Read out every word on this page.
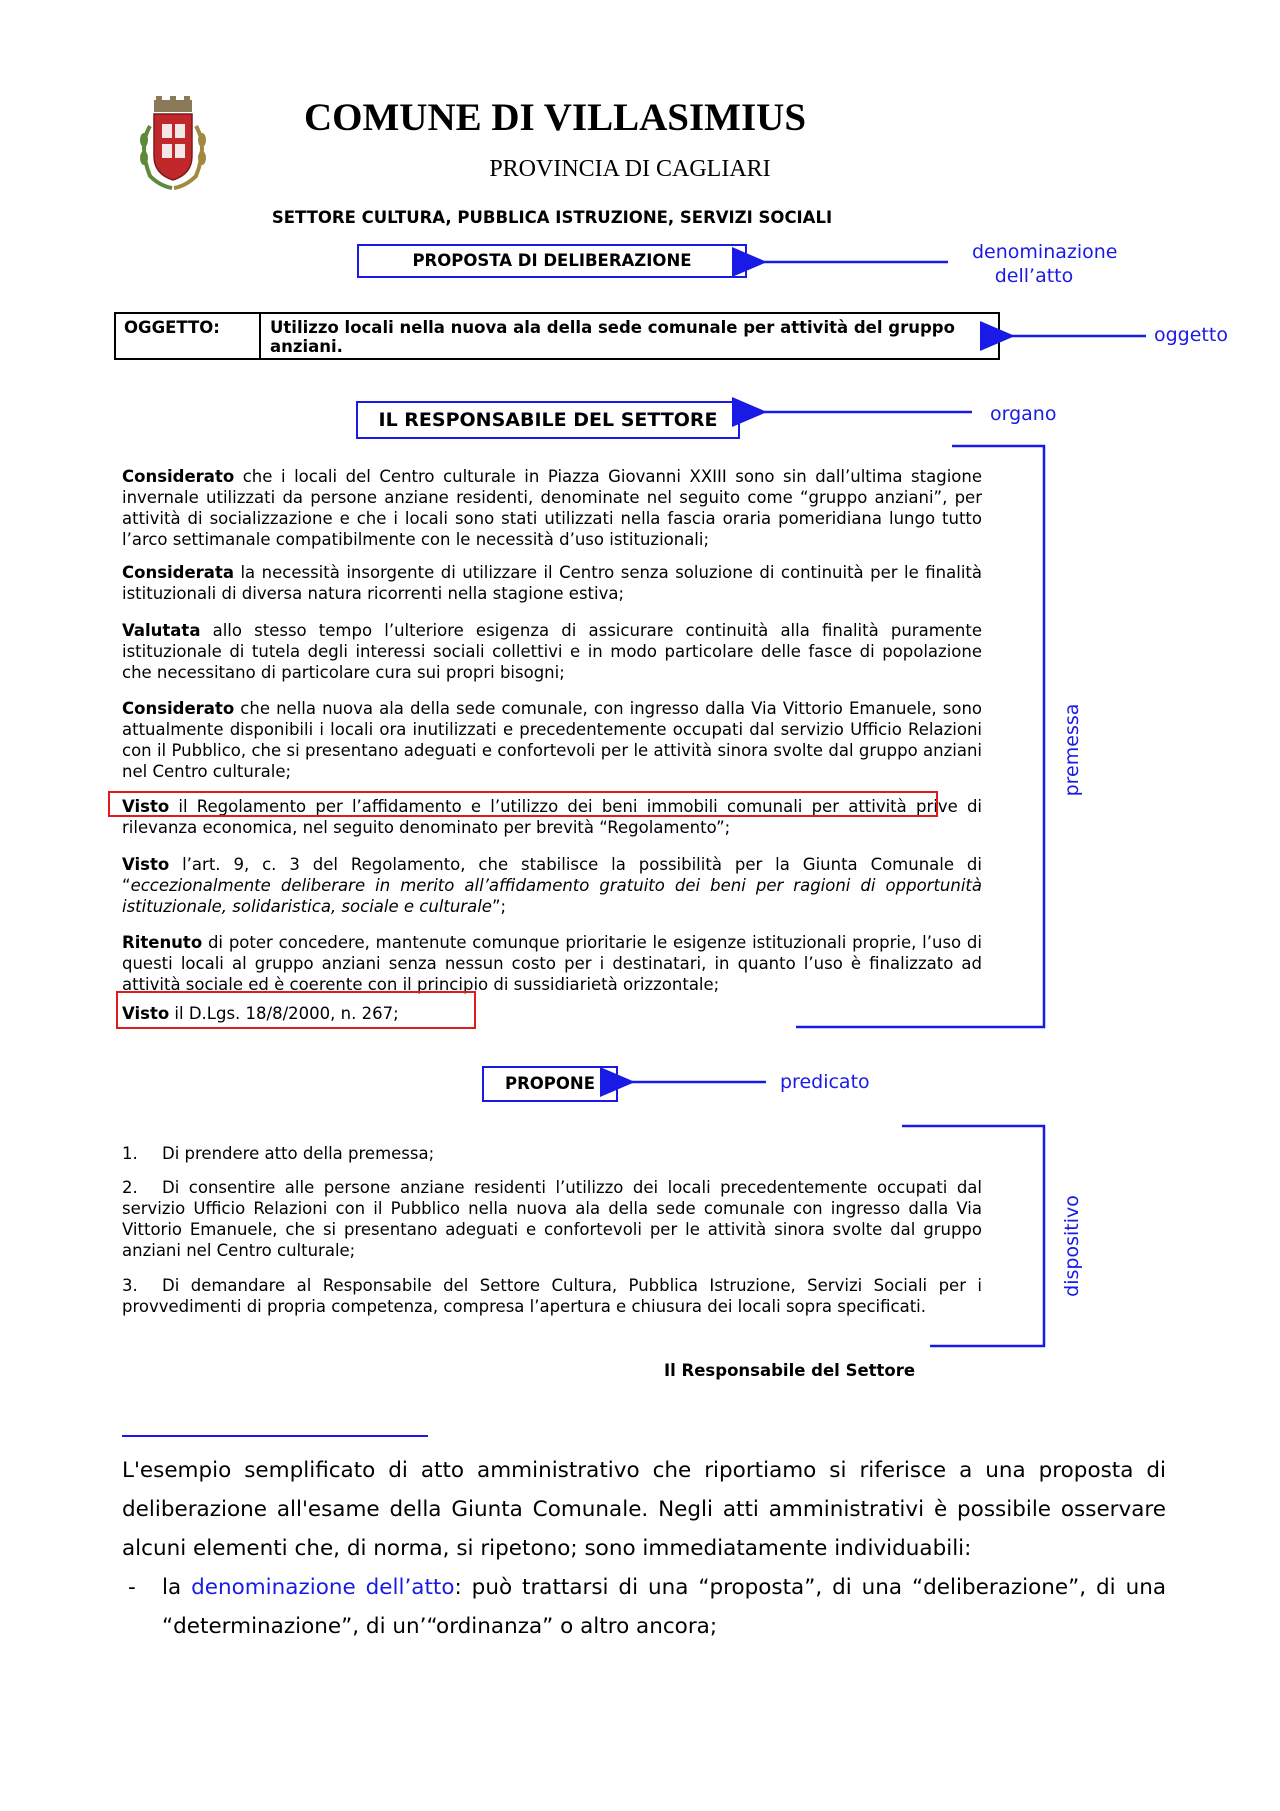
COMUNE DI VILLASIMIUS
PROVINCIA DI CAGLIARI
SETTORE CULTURA, PUBBLICA ISTRUZIONE, SERVIZI SOCIALI
PROPOSTA DI DELIBERAZIONE
OGGETTO:	Utilizzo locali nella nuova ala della sede comunale per attività del gruppo anziani.
IL RESPONSABILE DEL SETTORE
Considerato che i locali del Centro culturale in Piazza Giovanni XXIII sono sin dall’ultima stagione invernale utilizzati da persone anziane residenti, denominate nel seguito come “gruppo anziani”, per attività di socializzazione e che i locali sono stati utilizzati nella fascia oraria pomeridiana lungo tutto l’arco settimanale compatibilmente con le necessità d’uso istituzionali;
Considerata la necessità insorgente di utilizzare il Centro senza soluzione di continuità per le finalità istituzionali di diversa natura ricorrenti nella stagione estiva;
Valutata allo stesso tempo l’ulteriore esigenza di assicurare continuità alla finalità puramente istituzionale di tutela degli interessi sociali collettivi e in modo particolare delle fasce di popolazione che necessitano di particolare cura sui propri bisogni;
Considerato che nella nuova ala della sede comunale, con ingresso dalla Via Vittorio Emanuele, sono attualmente disponibili i locali ora inutilizzati e precedentemente occupati dal servizio Ufficio Relazioni con il Pubblico, che si presentano adeguati e confortevoli per le attività sinora svolte dal gruppo anziani nel Centro culturale;
Visto il Regolamento per l’affidamento e l’utilizzo dei beni immobili comunali per attività prive di rilevanza economica, nel seguito denominato per brevità “Regolamento”;
Visto l’art. 9, c. 3 del Regolamento, che stabilisce la possibilità per la Giunta Comunale di “eccezionalmente deliberare in merito all’affidamento gratuito dei beni per ragioni di opportunità istituzionale, solidaristica, sociale e culturale”;
Ritenuto di poter concedere, mantenute comunque prioritarie le esigenze istituzionali proprie, l’uso di questi locali al gruppo anziani senza nessun costo per i destinatari, in quanto l’uso è finalizzato ad attività sociale ed è coerente con il principio di sussidiarietà orizzontale;
Visto il D.Lgs. 18/8/2000, n. 267;
PROPONE
1. Di prendere atto della premessa;
2. Di consentire alle persone anziane residenti l’utilizzo dei locali precedentemente occupati dal servizio Ufficio Relazioni con il Pubblico nella nuova ala della sede comunale con ingresso dalla Via Vittorio Emanuele, che si presentano adeguati e confortevoli per le attività sinora svolte dal gruppo anziani nel Centro culturale;
3. Di demandare al Responsabile del Settore Cultura, Pubblica Istruzione, Servizi Sociali per i provvedimenti di propria competenza, compresa l’apertura e chiusura dei locali sopra specificati.
Il Responsabile del Settore
denominazione
dell’atto
oggetto
organo
predicato
premessa
dispositivo
L'esempio semplificato di atto amministrativo che riportiamo si riferisce a una proposta di deliberazione all'esame della Giunta Comunale. Negli atti amministrativi è possibile osservare alcuni elementi che, di norma, si ripetono; sono immediatamente individuabili:
- la denominazione dell’atto: può trattarsi di una “proposta”, di una “deliberazione”, di una “determinazione”, di un’“ordinanza” o altro ancora;
